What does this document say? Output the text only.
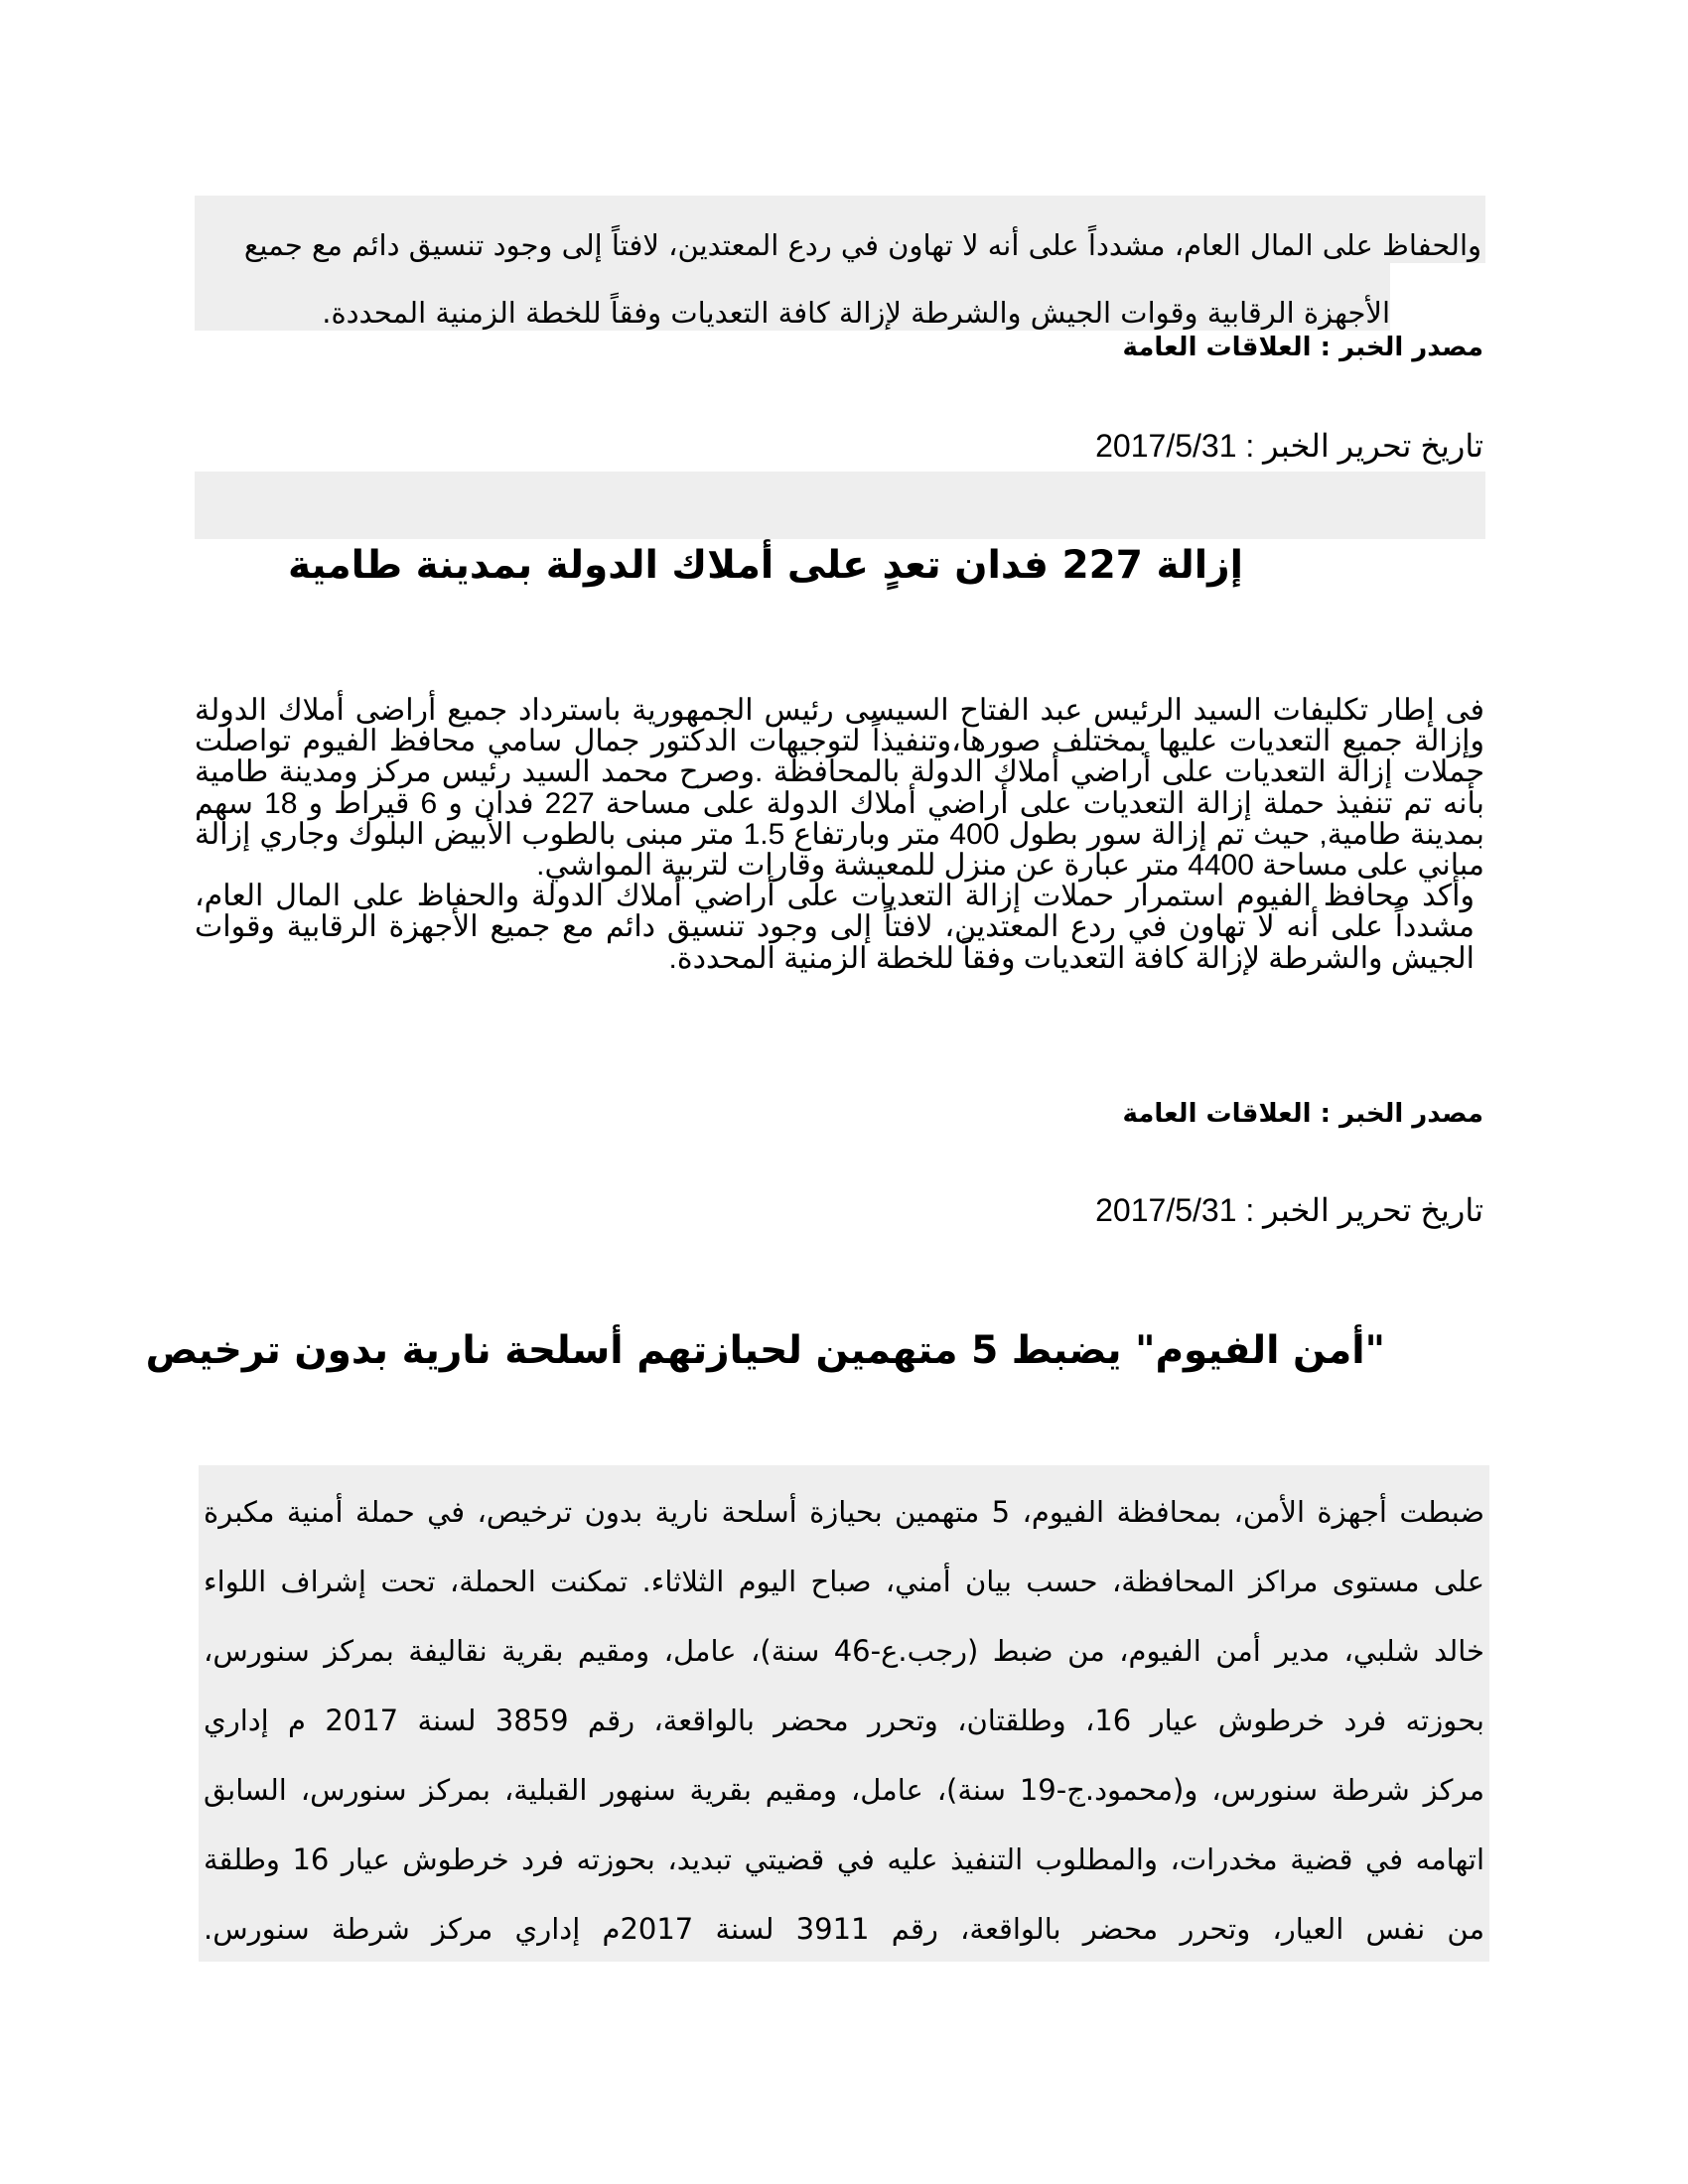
والحفاظ على المال العام، مشدداً على أنه لا تهاون في ردع المعتدين، لافتاً إلى وجود تنسيق دائم مع جميع
الأجهزة الرقابية وقوات الجيش والشرطة لإزالة كافة التعديات وفقاً للخطة الزمنية المحددة.
مصدر الخبر : العلاقات العامة
تاريخ تحرير الخبر : 2017/5/31
إزالة 227 فدان تعدٍ على أملاك الدولة بمدينة طامية

فى إطار تكليفات السيد الرئيس عبد الفتاح السيسى رئيس الجمهورية باسترداد جميع أراضى أملاك الدولة وإزالة جميع التعديات عليها بمختلف صورها،وتنفيذاً لتوجيهات الدكتور جمال سامي محافظ الفيوم تواصلت حملات إزالة التعديات على أراضي أملاك الدولة بالمحافظة .وصرح محمد السيد رئيس مركز ومدينة طامية بأنه تم تنفيذ حملة إزالة التعديات على أراضي أملاك الدولة على مساحة 227 فدان و 6 قيراط و 18 سهم بمدينة طامية, حيث تم إزالة سور بطول 400 متر وبارتفاع 1.5 متر مبنى بالطوب الأبيض البلوك وجاري إزالة مباني على مساحة 4400 متر عبارة عن منزل للمعيشة وقارات لتربية المواشي.

وأكد محافظ الفيوم استمرار حملات إزالة التعديات على أراضي أملاك الدولة والحفاظ على المال العام، مشدداً على أنه لا تهاون في ردع المعتدين، لافتاً إلى وجود تنسيق دائم مع جميع الأجهزة الرقابية وقوات الجيش والشرطة لإزالة كافة التعديات وفقاً للخطة الزمنية المحددة.

مصدر الخبر : العلاقات العامة
تاريخ تحرير الخبر : 2017/5/31
"أمن الفيوم" يضبط 5 متهمين لحيازتهم أسلحة نارية بدون ترخيص
ضبطت أجهزة الأمن، بمحافظة الفيوم، 5 متهمين بحيازة أسلحة نارية بدون ترخيص، في حملة أمنية مكبرة
على مستوى مراكز المحافظة، حسب بيان أمني، صباح اليوم الثلاثاء. تمكنت الحملة، تحت إشراف اللواء
خالد شلبي، مدير أمن الفيوم، من ضبط (رجب.ع-46 سنة)، عامل، ومقيم بقرية نقاليفة بمركز سنورس،
بحوزته فرد خرطوش عيار 16، وطلقتان، وتحرر محضر بالواقعة، رقم 3859 لسنة 2017 م إداري
مركز شرطة سنورس، و(محمود.ج-19 سنة)، عامل، ومقيم بقرية سنهور القبلية، بمركز سنورس، السابق
اتهامه في قضية مخدرات، والمطلوب التنفيذ عليه في قضيتي تبديد، بحوزته فرد خرطوش عيار 16 وطلقة
من نفس العيار، وتحرر محضر بالواقعة، رقم 3911 لسنة 2017م إداري مركز شرطة سنورس.
